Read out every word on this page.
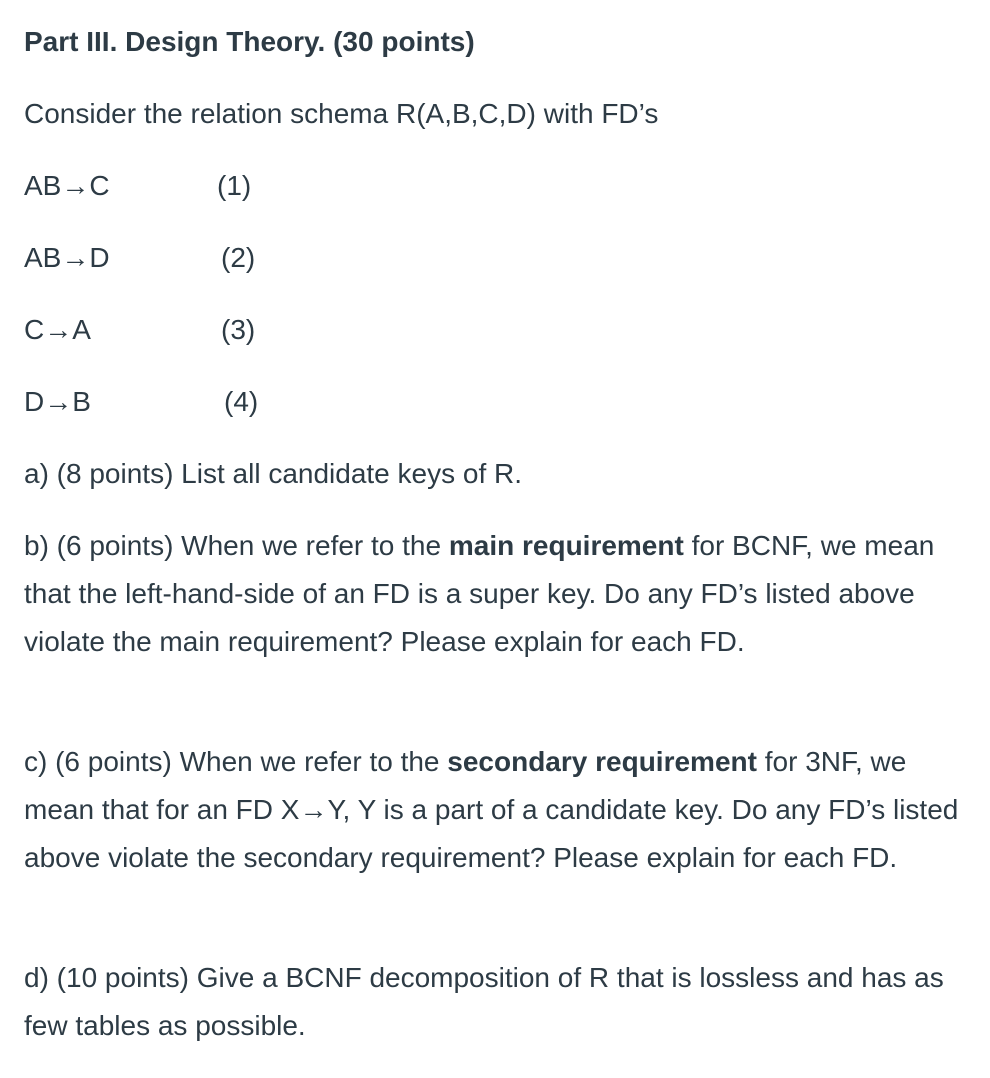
Part III. Design Theory. (30 points)

Consider the relation schema R(A,B,C,D) with FD’s

AB→C	(1)
AB→D	(2)
C→A	(3)
D→B	(4)

a) (8 points) List all candidate keys of R.

b) (6 points) When we refer to the main requirement for BCNF, we mean that the left-hand-side of an FD is a super key. Do any FD’s listed above violate the main requirement? Please explain for each FD.

c) (6 points) When we refer to the secondary requirement for 3NF, we mean that for an FD X→Y, Y is a part of a candidate key. Do any FD’s listed above violate the secondary requirement? Please explain for each FD.

d) (10 points) Give a BCNF decomposition of R that is lossless and has as few tables as possible.
